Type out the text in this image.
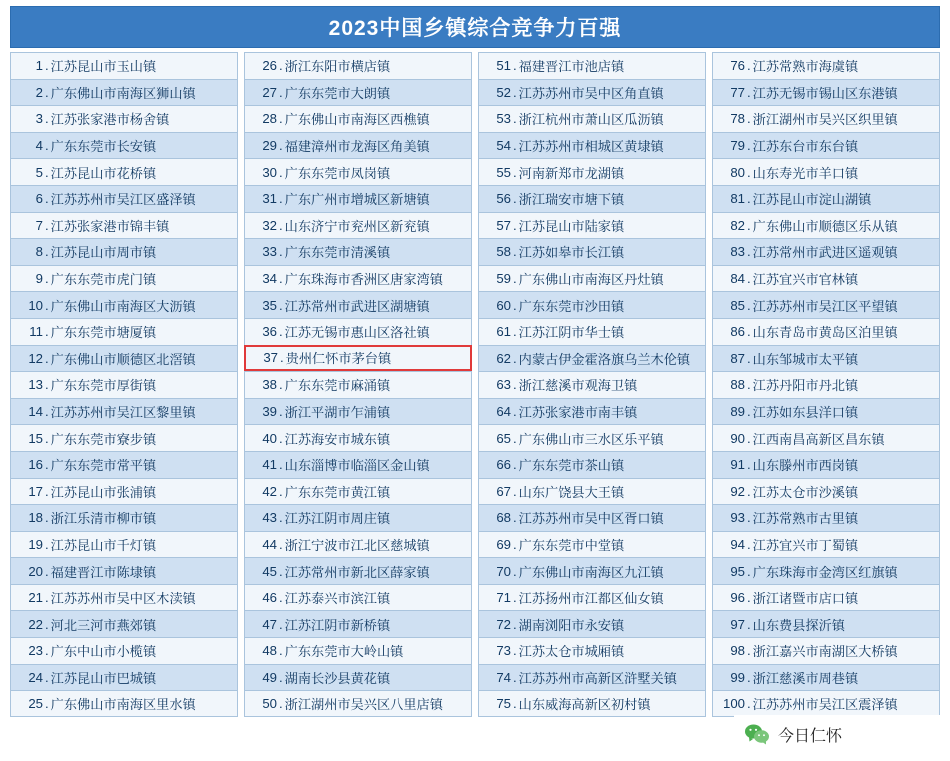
2023中国乡镇综合竞争力百强
1 . 江苏昆山市玉山镇
2 . 广东佛山市南海区狮山镇
3 . 江苏张家港市杨舍镇
4 . 广东东莞市长安镇
5 . 江苏昆山市花桥镇
6 . 江苏苏州市吴江区盛泽镇
7 . 江苏张家港市锦丰镇
8 . 江苏昆山市周市镇
9 . 广东东莞市虎门镇
10 . 广东佛山市南海区大沥镇
11 . 广东东莞市塘厦镇
12 . 广东佛山市顺德区北滘镇
13 . 广东东莞市厚街镇
14 . 江苏苏州市吴江区黎里镇
15 . 广东东莞市寮步镇
16 . 广东东莞市常平镇
17 . 江苏昆山市张浦镇
18 . 浙江乐清市柳市镇
19 . 江苏昆山市千灯镇
20 . 福建晋江市陈埭镇
21 . 江苏苏州市吴中区木渎镇
22 . 河北三河市燕郊镇
23 . 广东中山市小榄镇
24 . 江苏昆山市巴城镇
25 . 广东佛山市南海区里水镇
26 . 浙江东阳市横店镇
27 . 广东东莞市大朗镇
28 . 广东佛山市南海区西樵镇
29 . 福建漳州市龙海区角美镇
30 . 广东东莞市凤岗镇
31 . 广东广州市增城区新塘镇
32 . 山东济宁市兖州区新兖镇
33 . 广东东莞市清溪镇
34 . 广东珠海市香洲区唐家湾镇
35 . 江苏常州市武进区湖塘镇
36 . 江苏无锡市惠山区洛社镇
37 . 贵州仁怀市茅台镇
38 . 广东东莞市麻涌镇
39 . 浙江平湖市乍浦镇
40 . 江苏海安市城东镇
41 . 山东淄博市临淄区金山镇
42 . 广东东莞市黄江镇
43 . 江苏江阴市周庄镇
44 . 浙江宁波市江北区慈城镇
45 . 江苏常州市新北区薛家镇
46 . 江苏泰兴市滨江镇
47 . 江苏江阴市新桥镇
48 . 广东东莞市大岭山镇
49 . 湖南长沙县黄花镇
50 . 浙江湖州市吴兴区八里店镇
51 . 福建晋江市池店镇
52 . 江苏苏州市吴中区角直镇
53 . 浙江杭州市萧山区瓜沥镇
54 . 江苏苏州市相城区黄埭镇
55 . 河南新郑市龙湖镇
56 . 浙江瑞安市塘下镇
57 . 江苏昆山市陆家镇
58 . 江苏如皋市长江镇
59 . 广东佛山市南海区丹灶镇
60 . 广东东莞市沙田镇
61 . 江苏江阴市华士镇
62 . 内蒙古伊金霍洛旗乌兰木伦镇
63 . 浙江慈溪市观海卫镇
64 . 江苏张家港市南丰镇
65 . 广东佛山市三水区乐平镇
66 . 广东东莞市茶山镇
67 . 山东广饶县大王镇
68 . 江苏苏州市吴中区胥口镇
69 . 广东东莞市中堂镇
70 . 广东佛山市南海区九江镇
71 . 江苏扬州市江都区仙女镇
72 . 湖南浏阳市永安镇
73 . 江苏太仓市城厢镇
74 . 江苏苏州市高新区浒墅关镇
75 . 山东威海高新区初村镇
76 . 江苏常熟市海虞镇
77 . 江苏无锡市锡山区东港镇
78 . 浙江湖州市吴兴区织里镇
79 . 江苏东台市东台镇
80 . 山东寿光市羊口镇
81 . 江苏昆山市淀山湖镇
82 . 广东佛山市顺德区乐从镇
83 . 江苏常州市武进区遥观镇
84 . 江苏宜兴市官林镇
85 . 江苏苏州市吴江区平望镇
86 . 山东青岛市黄岛区泊里镇
87 . 山东邹城市太平镇
88 . 江苏丹阳市丹北镇
89 . 江苏如东县洋口镇
90 . 江西南昌高新区昌东镇
91 . 山东滕州市西岗镇
92 . 江苏太仓市沙溪镇
93 . 江苏常熟市古里镇
94 . 江苏宜兴市丁蜀镇
95 . 广东珠海市金湾区红旗镇
96 . 浙江诸暨市店口镇
97 . 山东费县探沂镇
98 . 浙江嘉兴市南湖区大桥镇
99 . 浙江慈溪市周巷镇
100 . 江苏苏州市吴江区震泽镇
今日仁怀
